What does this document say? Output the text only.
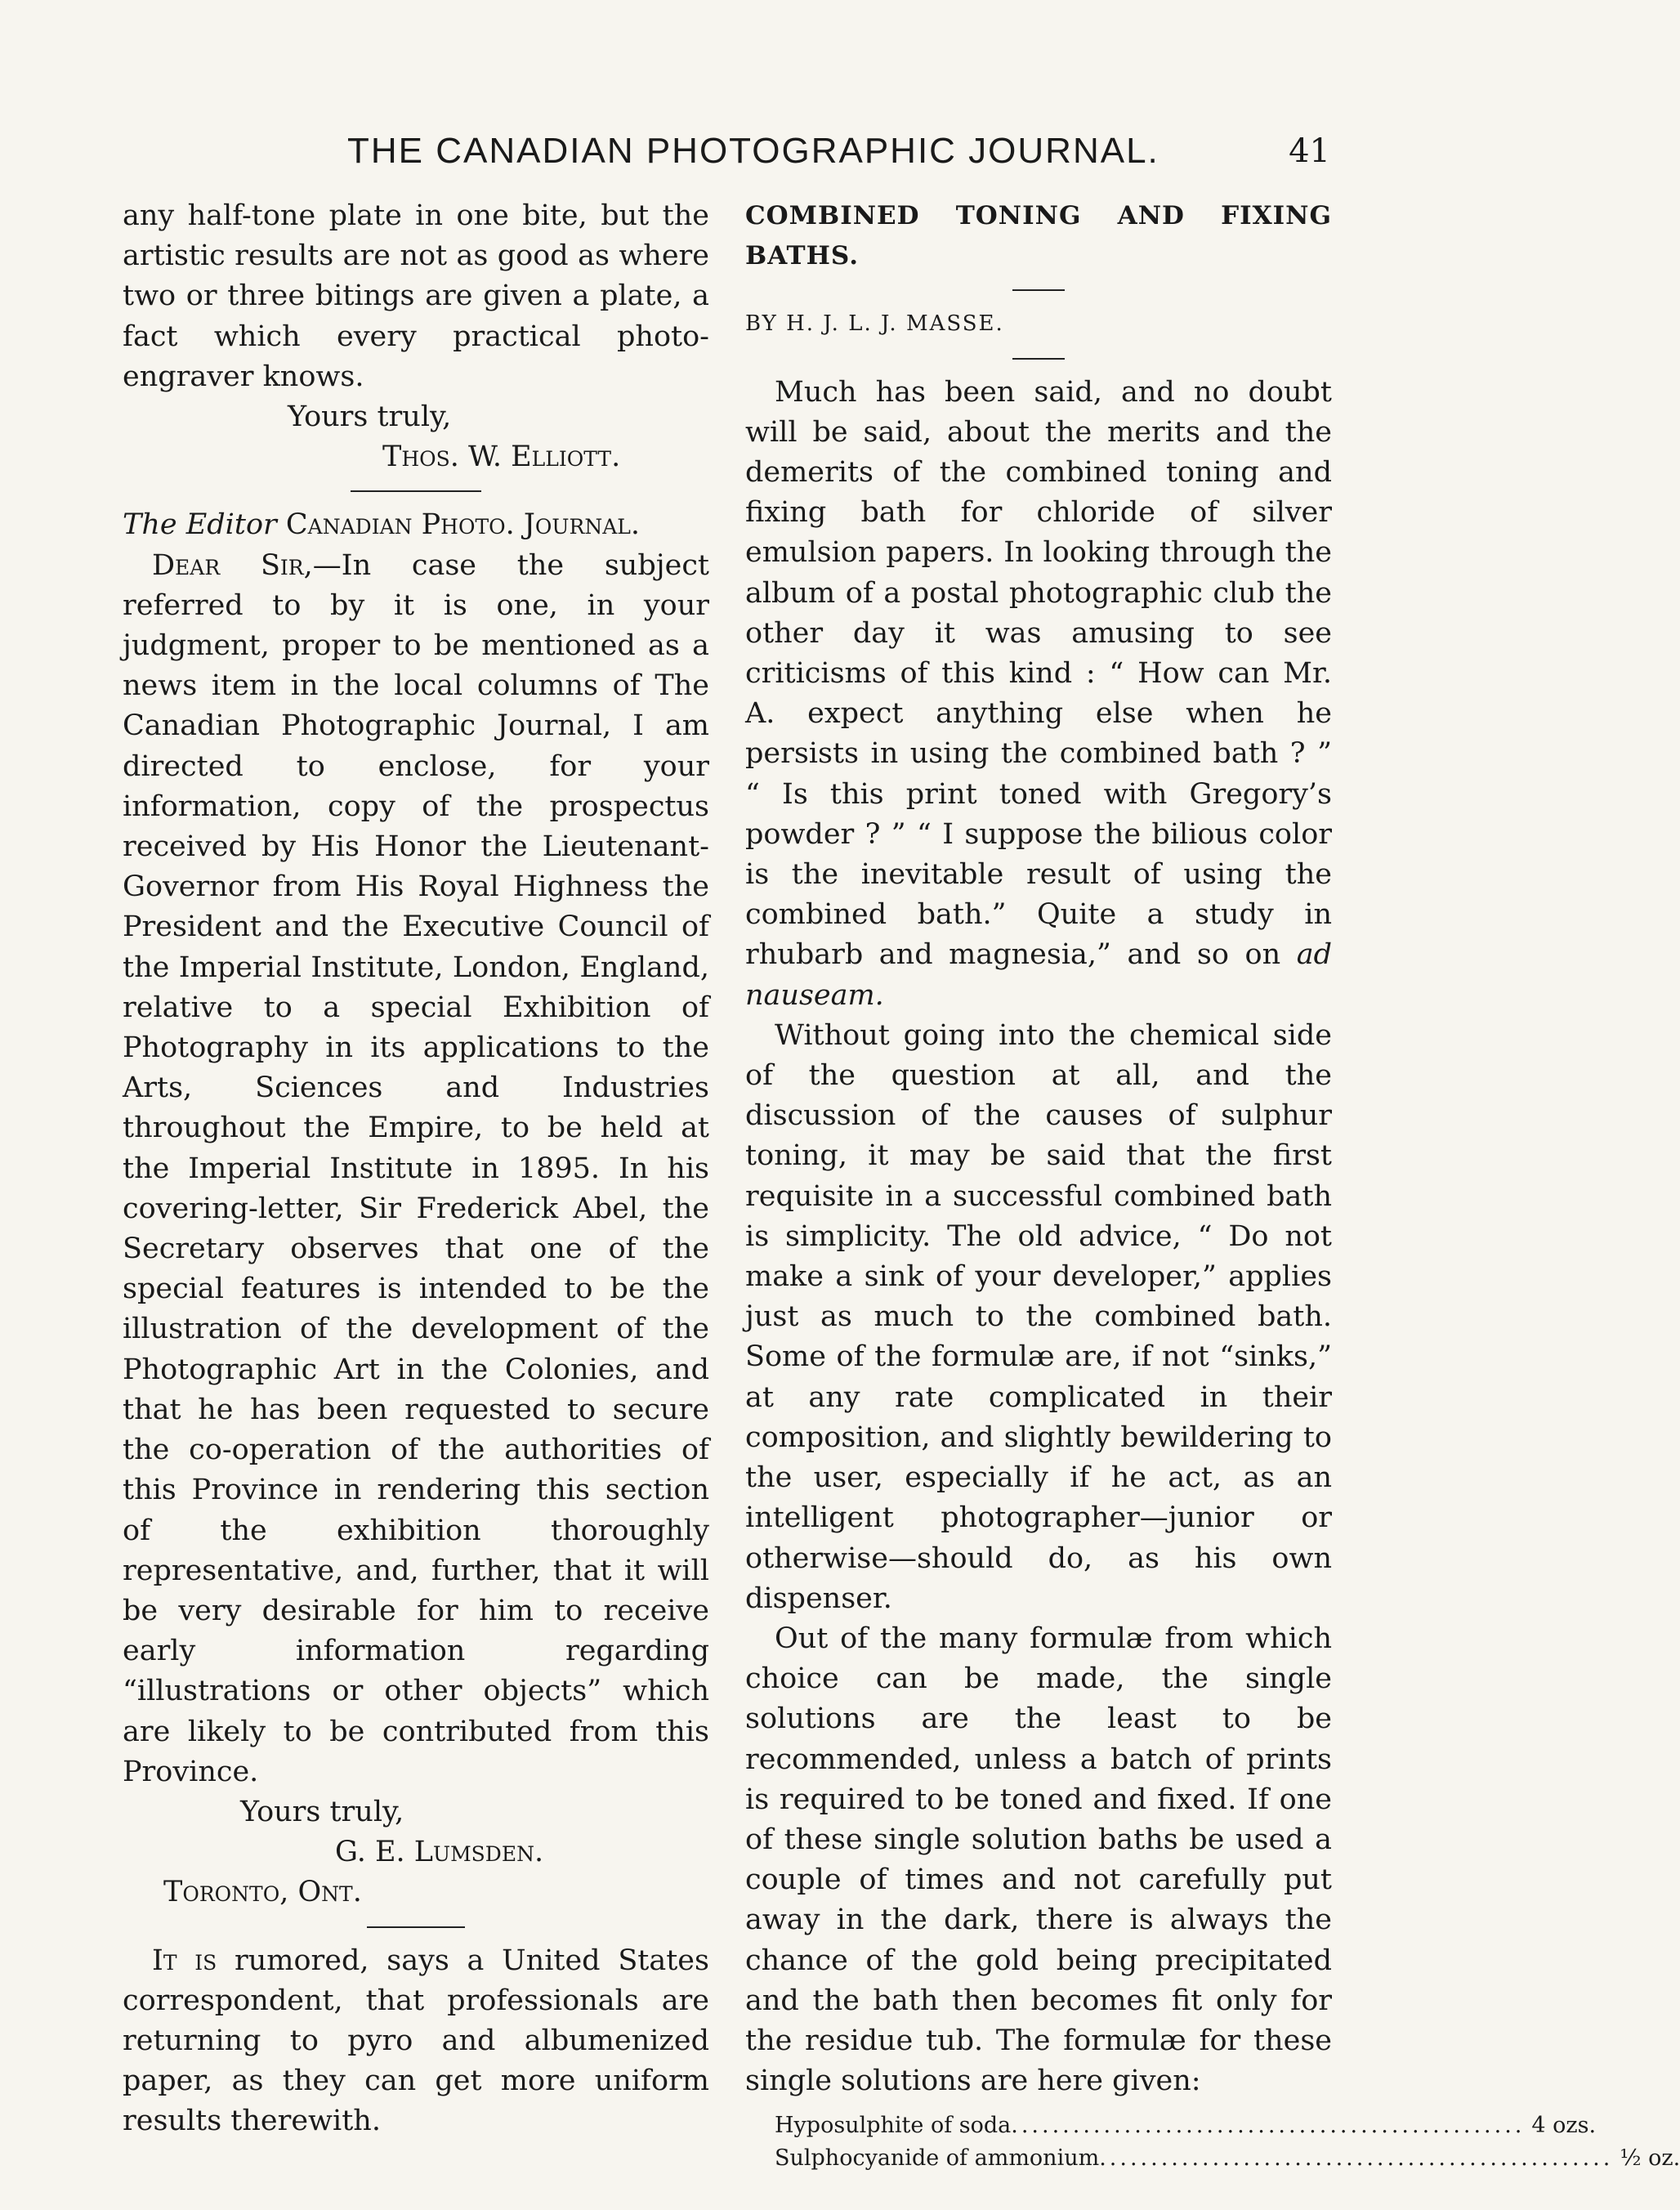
THE CANADIAN PHOTOGRAPHIC JOURNAL.	41

any half-tone plate in one bite, but the artistic results are not as good as where two or three bitings are given a plate, a fact which every practical photo-engraver knows.

Yours truly,
Thos. W. Elliott.

The Editor Canadian Photo. Journal.

Dear Sir,—In case the subject referred to by it is one, in your judgment, proper to be mentioned as a news item in the local columns of The Canadian Photographic Journal, I am directed to enclose, for your information, copy of the prospectus received by His Honor the Lieutenant-Governor from His Royal Highness the President and the Executive Council of the Imperial Institute, London, England, relative to a special Exhibition of Photography in its applications to the Arts, Sciences and Industries throughout the Empire, to be held at the Imperial Institute in 1895. In his covering-letter, Sir Frederick Abel, the Secretary observes that one of the special features is intended to be the illustration of the development of the Photographic Art in the Colonies, and that he has been requested to secure the co-operation of the authorities of this Province in rendering this section of the exhibition thoroughly representative, and, further, that it will be very desirable for him to receive early information regarding “illustrations or other objects” which are likely to be contributed from this Province.

Yours truly,
G. E. Lumsden.
Toronto, Ont.

It is rumored, says a United States correspondent, that professionals are returning to pyro and albumenized paper, as they can get more uniform results therewith.

COMBINED TONING AND FIXING BATHS.

BY H. J. L. J. MASSE.

Much has been said, and no doubt will be said, about the merits and the demerits of the combined toning and fixing bath for chloride of silver emulsion papers. In looking through the album of a postal photographic club the other day it was amusing to see criticisms of this kind : “ How can Mr. A. expect anything else when he persists in using the combined bath ? ” “ Is this print toned with Gregory’s powder ? ” “ I suppose the bilious color is the inevitable result of using the combined bath.” Quite a study in rhubarb and magnesia,” and so on ad nauseam.

Without going into the chemical side of the question at all, and the discussion of the causes of sulphur toning, it may be said that the first requisite in a successful combined bath is simplicity. The old advice, “ Do not make a sink of your developer,” applies just as much to the combined bath. Some of the formulæ are, if not “sinks,” at any rate complicated in their composition, and slightly bewildering to the user, especially if he act, as an intelligent photographer—junior or otherwise—should do, as his own dispenser.

Out of the many formulæ from which choice can be made, the single solutions are the least to be recommended, unless a batch of prints is required to be toned and fixed. If one of these single solution baths be used a couple of times and not carefully put away in the dark, there is always the chance of the gold being precipitated and the bath then becomes fit only for the residue tub. The formulæ for these single solutions are here given:

Hyposulphite of soda .................................................. 4 ozs.
Sulphocyanide of ammonium .................................................. ½ oz.
